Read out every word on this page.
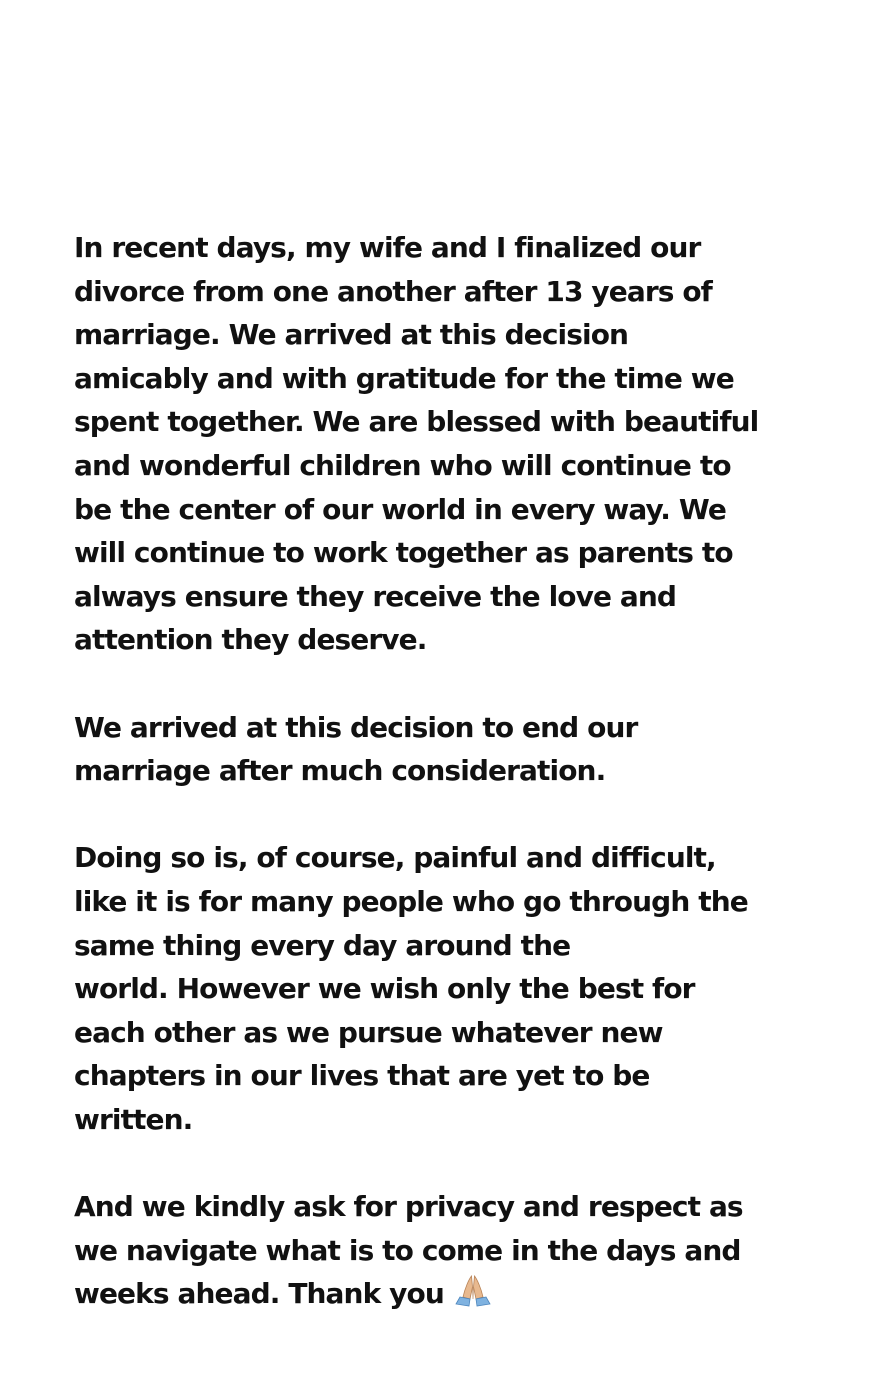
In recent days, my wife and I finalized our
divorce from one another after 13 years of
marriage. We arrived at this decision
amicably and with gratitude for the time we
spent together. We are blessed with beautiful
and wonderful children who will continue to
be the center of our world in every way. We
will continue to work together as parents to
always ensure they receive the love and
attention they deserve.
We arrived at this decision to end our
marriage after much consideration.
Doing so is, of course, painful and difficult,
like it is for many people who go through the
same thing every day around the
world. However we wish only the best for
each other as we pursue whatever new
chapters in our lives that are yet to be
written.
And we kindly ask for privacy and respect as
we navigate what is to come in the days and
weeks ahead. Thank you
